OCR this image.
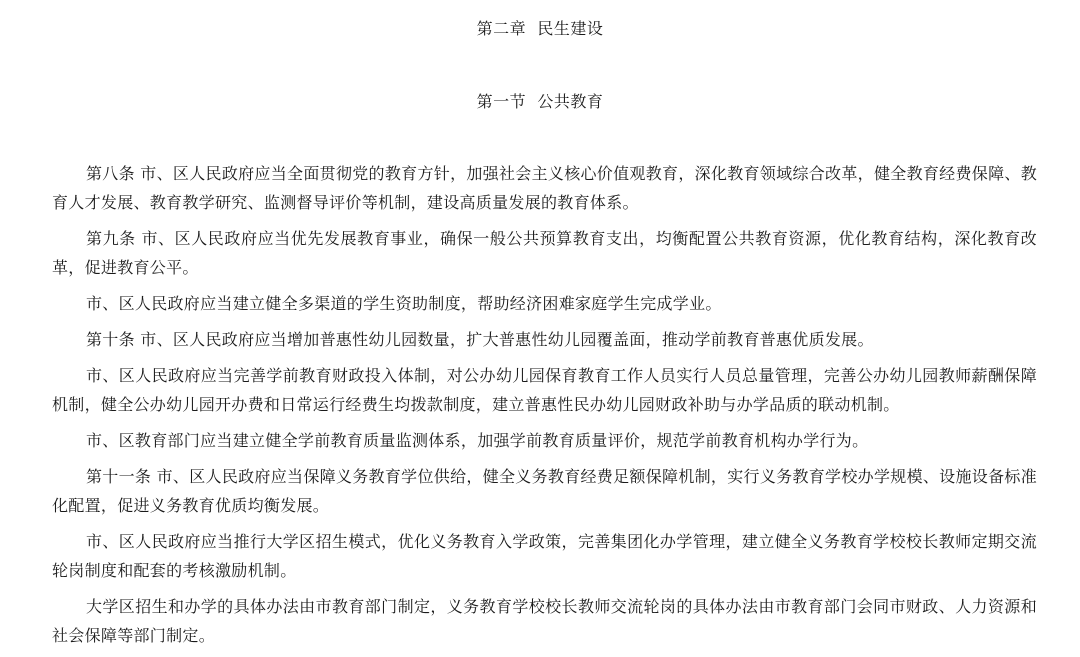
第二章  民生建设
第一节  公共教育

第八条 市、区人民政府应当全面贯彻党的教育方针，加强社会主义核心价值观教育，深化教育领域综合改革，健全教育经费保障、教育人才发展、教育教学研究、监测督导评价等机制，建设高质量发展的教育体系。

第九条 市、区人民政府应当优先发展教育事业，确保一般公共预算教育支出，均衡配置公共教育资源，优化教育结构，深化教育改革，促进教育公平。

市、区人民政府应当建立健全多渠道的学生资助制度，帮助经济困难家庭学生完成学业。

第十条 市、区人民政府应当增加普惠性幼儿园数量，扩大普惠性幼儿园覆盖面，推动学前教育普惠优质发展。

市、区人民政府应当完善学前教育财政投入体制，对公办幼儿园保育教育工作人员实行人员总量管理，完善公办幼儿园教师薪酬保障机制，健全公办幼儿园开办费和日常运行经费生均拨款制度，建立普惠性民办幼儿园财政补助与办学品质的联动机制。

市、区教育部门应当建立健全学前教育质量监测体系，加强学前教育质量评价，规范学前教育机构办学行为。

第十一条 市、区人民政府应当保障义务教育学位供给，健全义务教育经费足额保障机制，实行义务教育学校办学规模、设施设备标准化配置，促进义务教育优质均衡发展。

市、区人民政府应当推行大学区招生模式，优化义务教育入学政策，完善集团化办学管理，建立健全义务教育学校校长教师定期交流轮岗制度和配套的考核激励机制。

大学区招生和办学的具体办法由市教育部门制定，义务教育学校校长教师交流轮岗的具体办法由市教育部门会同市财政、人力资源和社会保障等部门制定。
